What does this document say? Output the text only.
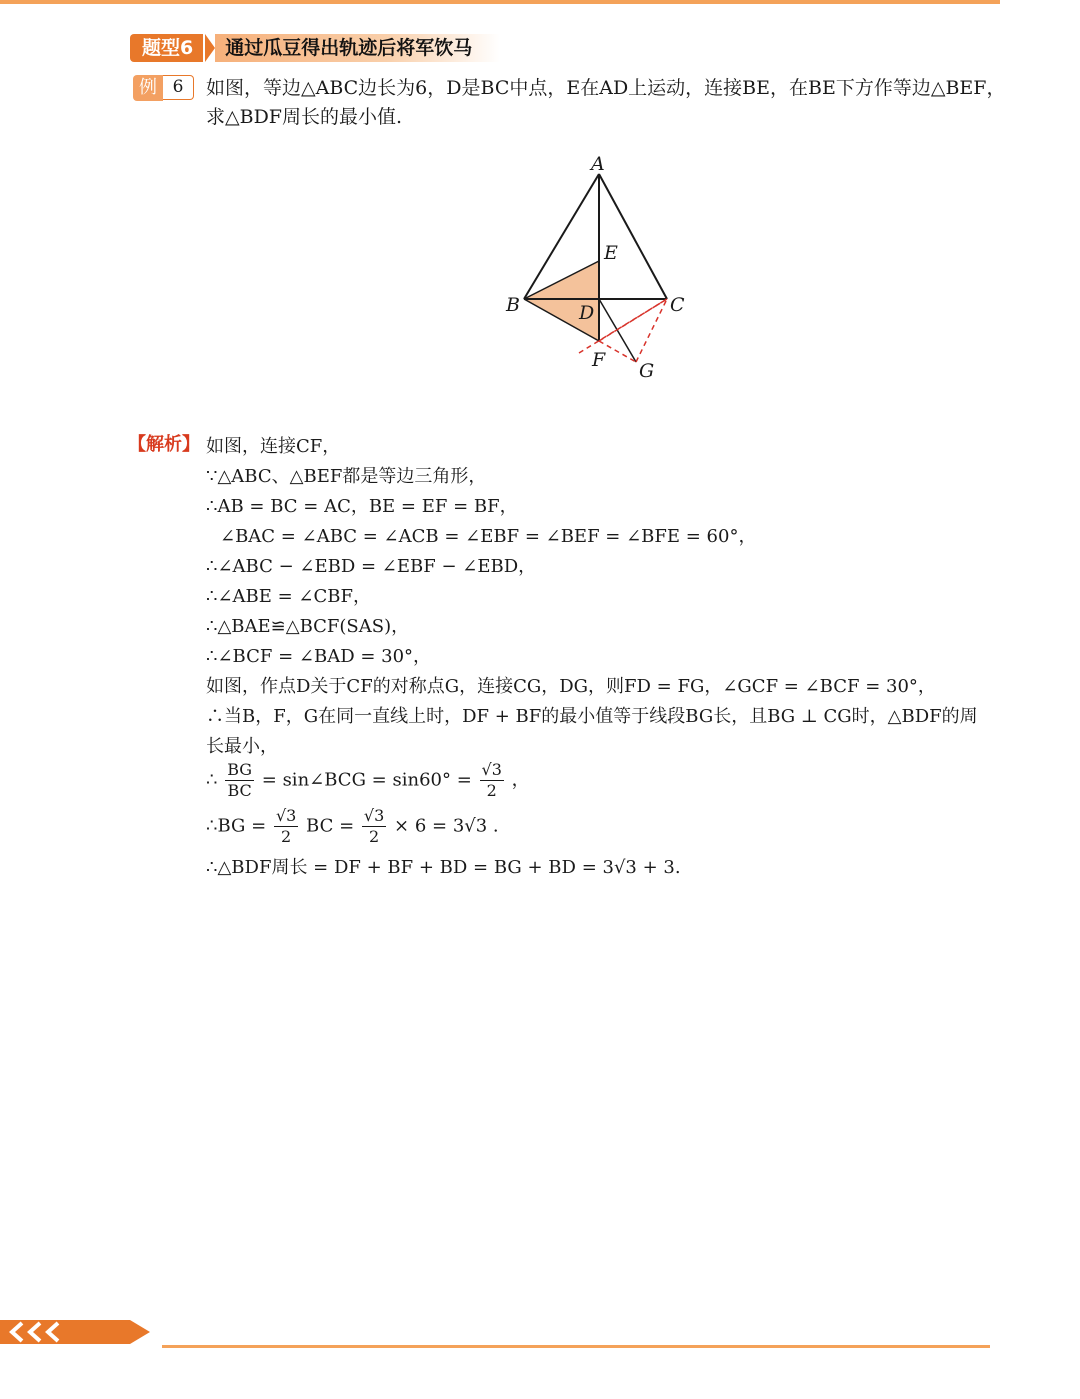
题型6	通过瓜豆得出轨迹后将军饮马
例 6	如图，等边△ABC边长为6，D是BC中点，E在AD上运动，连接BE，在BE下方作等边△BEF，

求△BDF周长的最小值.

A
B	C
D
E
F G
【解析】 如图，连接CF，
∵△ABC、△BEF都是等边三角形，
∴AB = BC = AC，BE = EF = BF，
∠BAC = ∠ABC = ∠ACB = ∠EBF = ∠BEF = ∠BFE = 60°，
∴∠ABC − ∠EBD = ∠EBF − ∠EBD，
∴∠ABE = ∠CBF，
∴△BAE≌△BCF(SAS)，
∴∠BCF = ∠BAD = 30°，
如图，作点D关于CF的对称点G，连接CG，DG，则FD = FG，∠GCF = ∠BCF = 30°，
∴当B，F，G在同一直线上时，DF + BF的最小值等于线段BG长，且BG ⊥ CG时，△BDF的周
长最小，
∴ $\frac{BG}{BC}$ = sin∠BCG = $\sin 60^\circ = \frac{√3}{2}$ ，
∴BG = $\frac{√3}{2}$ BC = $\frac{√3}{2} \times 6 = 3√3$ .
∴△BDF周长 = DF + BF + BD = BG + BD = 3√3 + 3.
